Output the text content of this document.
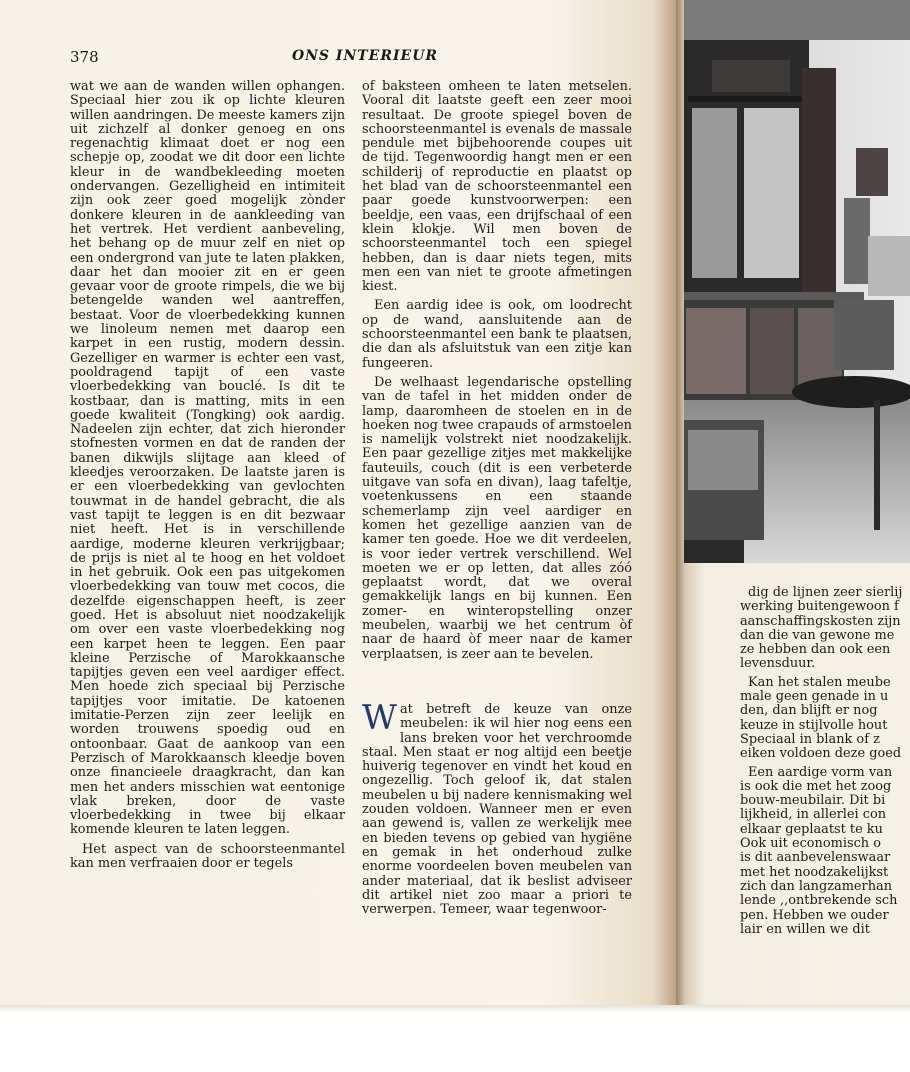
378	ONS INTERIEUR

wat we aan de wanden willen ophangen. Speciaal hier zou ik op lichte kleuren willen aandringen. De meeste kamers zijn uit zichzelf al donker genoeg en ons regenachtig klimaat doet er nog een schepje op, zoodat we dit door een lichte kleur in de wandbekleeding moeten ondervangen. Gezelligheid en intimiteit zijn ook zeer goed mogelijk zònder donkere kleuren in de aankleeding van het vertrek. Het verdient aanbeveling, het behang op de muur zelf en niet op een ondergrond van jute te laten plakken, daar het dan mooier zit en er geen gevaar voor de groote rimpels, die we bij betengelde wanden wel aantreffen, bestaat. Voor de vloerbedekking kunnen we linoleum nemen met daarop een karpet in een rustig, modern dessin. Gezelliger en warmer is echter een vast, pooldragend tapijt of een vaste vloerbedekking van bouclé. Is dit te kostbaar, dan is matting, mits in een goede kwaliteit (Tongking) ook aardig. Nadeelen zijn echter, dat zich hieronder stofnesten vormen en dat de randen der banen dikwijls slijtage aan kleed of kleedjes veroorzaken. De laatste jaren is er een vloerbedekking van gevlochten touwmat in de handel gebracht, die als vast tapijt te leggen is en dit bezwaar niet heeft. Het is in verschillende aardige, moderne kleuren verkrijgbaar; de prijs is niet al te hoog en het voldoet in het gebruik. Ook een pas uitgekomen vloerbedekking van touw met cocos, die dezelfde eigenschappen heeft, is zeer goed. Het is absoluut niet noodzakelijk om over een vaste vloerbedekking nog een karpet heen te leggen. Een paar kleine Perzische of Marokkaansche tapijtjes geven een veel aardiger effect. Men hoede zich speciaal bij Perzische tapijtjes voor imitatie. De katoenen imitatie-Perzen zijn zeer leelijk en worden trouwens spoedig oud en ontoonbaar. Gaat de aankoop van een Perzisch of Marokkaansch kleedje boven onze financieele draagkracht, dan kan men het anders misschien wat eentonige vlak breken, door de vaste vloerbedekking in twee bij elkaar komende kleuren te laten leggen.

Het aspect van de schoorsteenmantel kan men verfraaien door er tegels

of baksteen omheen te laten metselen. Vooral dit laatste geeft een zeer mooi resultaat. De groote spiegel boven de schoorsteenmantel is evenals de massale pendule met bijbehoorende coupes uit de tijd. Tegenwoordig hangt men er een schilderij of reproductie en plaatst op het blad van de schoorsteenmantel een paar goede kunstvoorwerpen: een beeldje, een vaas, een drijfschaal of een klein klokje. Wil men boven de schoorsteenmantel toch een spiegel hebben, dan is daar niets tegen, mits men een van niet te groote afmetingen kiest.

Een aardig idee is ook, om loodrecht op de wand, aansluitende aan de schoorsteenmantel een bank te plaatsen, die dan als afsluitstuk van een zitje kan fungeeren.

De welhaast legendarische opstelling van de tafel in het midden onder de lamp, daaromheen de stoelen en in de hoeken nog twee crapauds of armstoelen is namelijk volstrekt niet noodzakelijk. Een paar gezellige zitjes met makkelijke fauteuils, couch (dit is een verbeterde uitgave van sofa en divan), laag tafeltje, voetenkussens en een staande schemerlamp zijn veel aardiger en komen het gezellige aanzien van de kamer ten goede. Hoe we dit verdeelen, is voor ieder vertrek verschillend. Wel moeten we er op letten, dat alles zóó geplaatst wordt, dat we overal gemakkelijk langs en bij kunnen. Een zomer- en winteropstelling onzer meubelen, waarbij we het centrum òf naar de haard òf meer naar de kamer verplaatsen, is zeer aan te bevelen.

Wat betreft de keuze van onze meubelen: ik wil hier nog eens een lans breken voor het verchroomde staal. Men staat er nog altijd een beetje huiverig tegenover en vindt het koud en ongezellig. Toch geloof ik, dat stalen meubelen u bij nadere kennismaking wel zouden voldoen. Wanneer men er even aan gewend is, vallen ze werkelijk mee en bieden tevens op gebied van hygiëne en gemak in het onderhoud zulke enorme voordeelen boven meubelen van ander materiaal, dat ik beslist adviseer dit artikel niet zoo maar a priori te verwerpen. Temeer, waar tegenwoor-

dig de lijnen zeer sierlij
werking buitengewoon f
aanschaffingskosten zijn
dan die van gewone me
ze hebben dan ook een
levensduur.
Kan het stalen meube
male geen genade in u
den, dan blijft er nog
keuze in stijlvolle hout
Speciaal in blank of z
eiken voldoen deze goed
Een aardige vorm van
is ook die met het zoog
bouw-meubilair. Dit bi
lijkheid, in allerlei con
elkaar geplaatst te ku
Ook uit economisch o
is dit aanbevelenswaar
met het noodzakelijkst
zich dan langzamerhan
lende ,,ontbrekende sch
pen. Hebben we ouder
lair en willen we dit
